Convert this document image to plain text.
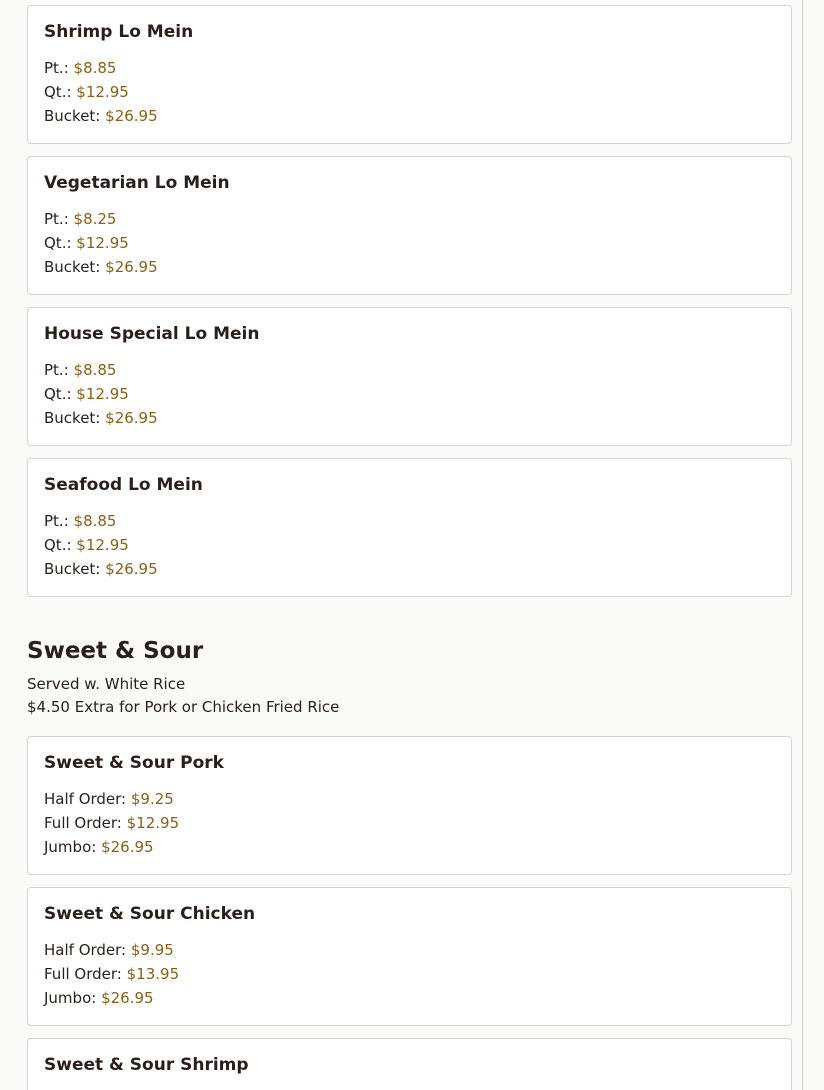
Shrimp Lo Mein
Pt.: $8.85
Qt.: $12.95
Bucket: $26.95
Vegetarian Lo Mein
Pt.: $8.25
Qt.: $12.95
Bucket: $26.95
House Special Lo Mein
Pt.: $8.85
Qt.: $12.95
Bucket: $26.95
Seafood Lo Mein
Pt.: $8.85
Qt.: $12.95
Bucket: $26.95
Sweet & Sour
Served w. White Rice
$4.50 Extra for Pork or Chicken Fried Rice
Sweet & Sour Pork
Half Order: $9.25
Full Order: $12.95
Jumbo: $26.95
Sweet & Sour Chicken
Half Order: $9.95
Full Order: $13.95
Jumbo: $26.95
Sweet & Sour Shrimp
